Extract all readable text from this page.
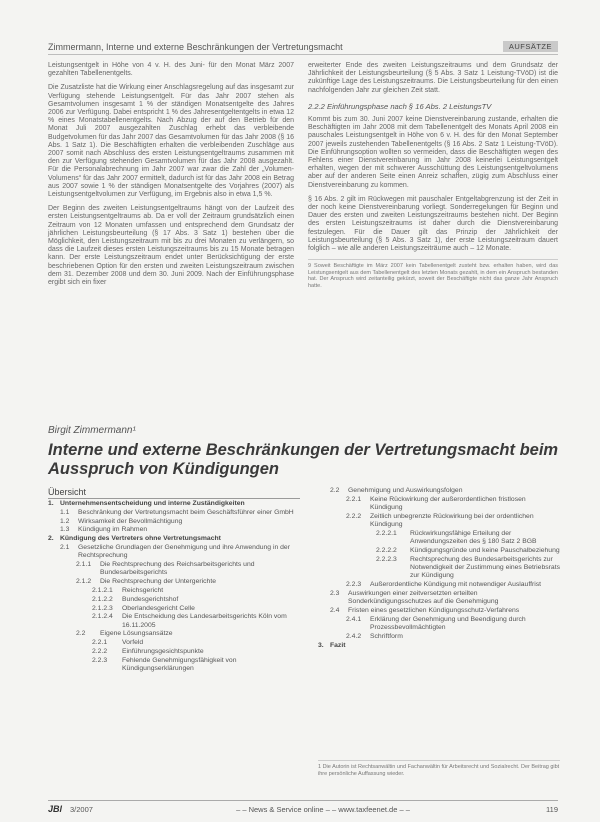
Zimmermann, Interne und externe Beschränkungen der Vertretungsmacht	AUFSÄTZE

Leistungsentgelt in Höhe von 4 v. H. des Juni- für den Monat März 2007 gezahlten Tabellenentgelts.

Die Zusatzliste hat die Wirkung einer Anschlagsregelung auf das insgesamt zur Verfügung stehende Leistungsentgelt. Für das Jahr 2007 stehen als Gesamtvolumen insgesamt 1 % der ständigen Monatsentgelte des Jahres 2006 zur Verfügung. Dabei entspricht 1 % des Jahresentgeltentgelts in etwa 12 % eines Monatstabellenentgelts. Nach Abzug der auf den Betrieb für den Monat Juli 2007 ausgezahlten Zuschlag erhebt das verbleibende Budgetvolumen für das Jahr 2007 das Gesamtvolumen für das Jahr 2008 (§ 16 Abs. 1 Satz 1). Die Beschäftigten erhalten die verbleibenden Zuschläge aus 2007 somit nach Abschluss des ersten Leistungsentgeltraums zusammen mit den zur Verfügung stehenden Gesamtvolumen für das Jahr 2008 ausgezahlt. Für die Personalabrechnung im Jahr 2007 war zwar die Zahl der „Volumen-Volumens“ für das Jahr 2007 ermittelt, dadurch ist für das Jahr 2008 ein Betrag aus 2007 sowie 1 % der ständigen Monatsentgelte des Vorjahres (2007) als Leistungsentgeltvolumen zur Verfügung, im Ergebnis also in etwa 1,5 %.

Der Beginn des zweiten Leistungsentgeltraums hängt von der Laufzeit des ersten Leistungsentgeltraums ab. Da er voll der Zeitraum grundsätzlich einen Zeitraum von 12 Monaten umfassen und entsprechend dem Grundsatz der jährlichen Leistungsbeurteilung (§ 17 Abs. 3 Satz 1) bestehen über die Möglichkeit, den Leistungszeitraum mit bis zu drei Monaten zu verlängern, so dass die Laufzeit dieses ersten Leistungszeitraums bis zu 15 Monate betragen kann. Der erste Leistungszeitraum endet unter Berücksichtigung der erste beschriebenen Option für den ersten und zweiten Leistungszeitraum zwischen dem 31. Dezember 2008 und dem 30. Juni 2009. Nach der Einführungsphase ergibt sich ein fixer

erweiterter Ende des zweiten Leistungszeitraums und dem Grundsatz der Jährlichkeit der Leistungsbeurteilung (§ 5 Abs. 3 Satz 1 Leistung-TVöD) ist die zukünftige Lage des Leistungszeitraums. Die Leistungsbeurteilung für den einen nachfolgenden Jahr zur gleichen Zeit statt.

2.2.2 Einführungsphase nach § 16 Abs. 2 LeistungsTV

Kommt bis zum 30. Juni 2007 keine Dienstvereinbarung zustande, erhalten die Beschäftigten im Jahr 2008 mit dem Tabellenentgelt des Monats April 2008 ein pauschales Leistungsentgelt in Höhe von 6 v. H. des für den Monat September 2007 jeweils zustehenden Tabellenentgelts (§ 16 Abs. 2 Satz 1 Leistung-TVöD). Die Einführungsoption wollten so vermeiden, dass die Beschäftigten wegen des Fehlens einer Dienstvereinbarung im Jahr 2008 keinerlei Leistungsentgelt erhalten, wegen der mit schwerer Ausschüttung des Leistungsentgeltvolumens aber auf der anderen Seite einen Anreiz schaffen, zügig zum Abschluss einer Dienstvereinbarung zu kommen.

§ 16 Abs. 2 gilt im Rückwegen mit pauschaler Entgeltabgrenzung ist der Zeit in der noch keine Dienstvereinbarung vorliegt. Sonderregelungen für Beginn und Dauer des ersten und zweiten Leistungszeitraums bestehen nicht. Der Beginn des ersten Leistungszeitraums ist daher durch die Dienstvereinbarung festzulegen. Für die Dauer gilt das Prinzip der Jährlichkeit der Leistungsbeurteilung (§ 5 Abs. 3 Satz 1), der erste Leistungszeitraum dauert folglich – wie alle anderen Leistungszeiträume auch – 12 Monate.

9 Soweit Beschäftigte im März 2007 kein Tabellenentgelt zusteht bzw. erhalten haben, wird das Leistungsentgelt aus dem Tabellenentgelt des letzten Monats gezahlt, in dem ein Anspruch bestanden hat. Der Anspruch wird zeitanteilig gekürzt, soweit der Beschäftigte nicht das ganze Jahr Anspruch hatte.
Birgit Zimmermann¹
Interne und externe Beschränkungen der Vertretungsmacht beim Ausspruch von Kündigungen
Übersicht
1. Unternehmensentscheidung und interne Zuständigkeiten
1.1	Beschränkung der Vertretungsmacht beim Geschäftsführer einer GmbH
1.2	Wirksamkeit der Bevollmächtigung
1.3	Kündigung im Rahmen
2. Kündigung des Vertreters ohne Vertretungsmacht
2.1	Gesetzliche Grundlagen der Genehmigung und ihre Anwendung in der Rechtsprechung
2.1.1	Die Rechtsprechung des Reichsarbeitsgerichts und Bundesarbeitsgerichts
2.1.2	Die Rechtsprechung der Untergerichte
2.1.2.1	Reichsgericht
2.1.2.2	Bundesgerichtshof
2.1.2.3	Oberlandesgericht Celle
2.1.2.4	Die Entscheidung des Landesarbeitsgerichts Köln vom 16.11.2005
2.2	Eigene Lösungsansätze
2.2.1	Vorfeld
2.2.2	Einführungsgesichtspunkte
2.2.3	Fehlende Genehmigungsfähigkeit von Kündigungserklärungen
2.2	Genehmigung und Auswirkungsfolgen
2.2.1	Keine Rückwirkung der außerordentlichen fristlosen Kündigung
2.2.2	Zeitlich unbegrenzte Rückwirkung bei der ordentlichen Kündigung
2.2.2.1	Rückwirkungsfähige Erteilung der Anwendungszeiten des § 180 Satz 2 BGB
2.2.2.2	Kündigungsgründe und keine Pauschalbeziehung
2.2.2.3	Rechtsprechung des Bundesarbeitsgerichts zur Notwendigkeit der Zustimmung eines Betriebsrats zur Kündigung
2.2.3	Außerordentliche Kündigung mit notwendiger Auslauffrist
2.3	Auswirkungen einer zeitversetzten erteilten Sonderkündigungsschutzes auf die Genehmigung
2.4	Fristen eines gesetzlichen Kündigungsschutz-Verfahrens
2.4.1	Erklärung der Genehmigung und Beendigung durch Prozessbevollmächtigten
2.4.2	Schriftform
3. Fazit
1 Die Autorin ist Rechtsanwältin und Fachanwältin für Arbeitsrecht und Sozialrecht. Der Beitrag gibt ihre persönliche Auffassung wieder.
JBl 3/2007	– – News & Service online – – www.taxfeenet.de – –	119
